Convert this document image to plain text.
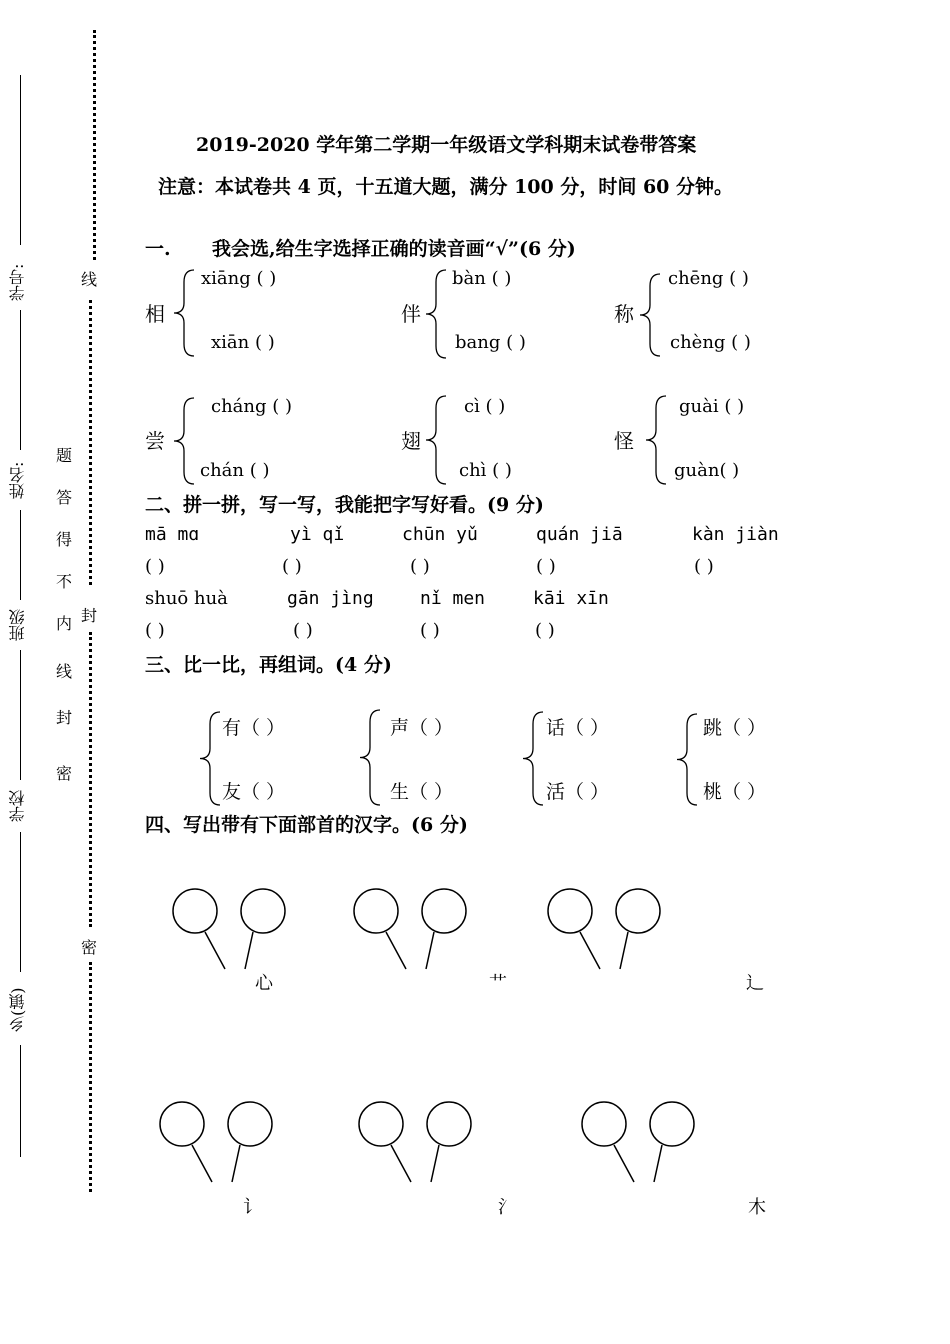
学号:
姓名:
班级
学校
乡(镇)
线
题
答
得
不
内 封
线
封
密
密
2019-2020 学年第二学期一年级语文学科期末试卷带答案
注意：本试卷共 4 页，十五道大题，满分 100 分，时间 60 分钟。
一. 我会选,给生字选择正确的读音画“√”(6 分)
相
xiāng ( )
xiān ( )
伴
bàn ( )
bang ( )
称
chēng ( )
chèng ( )
尝
cháng ( )
chán ( )
翅
cì ( )
chì ( )
怪
guài ( )
guàn( )
二、拼一拼，写一写，我能把字写好看。(9 分)
mā mɑ	yì qǐ	chūn yǔ	quán jiā	kàn jiàn
( )	( )	( )	( )	( )
shuō huà	gān jìng	nǐ men	kāi xīn
( )	( )	( )	( )
三、比一比，再组词。(4 分)
有（ ）
友（ ）
声（ ）
生（ ）
话（ ）
活（ ）
跳（ ）
桃（ ）
四、写出带有下面部首的汉字。(6 分)
心	艹	辶
讠	氵	木
